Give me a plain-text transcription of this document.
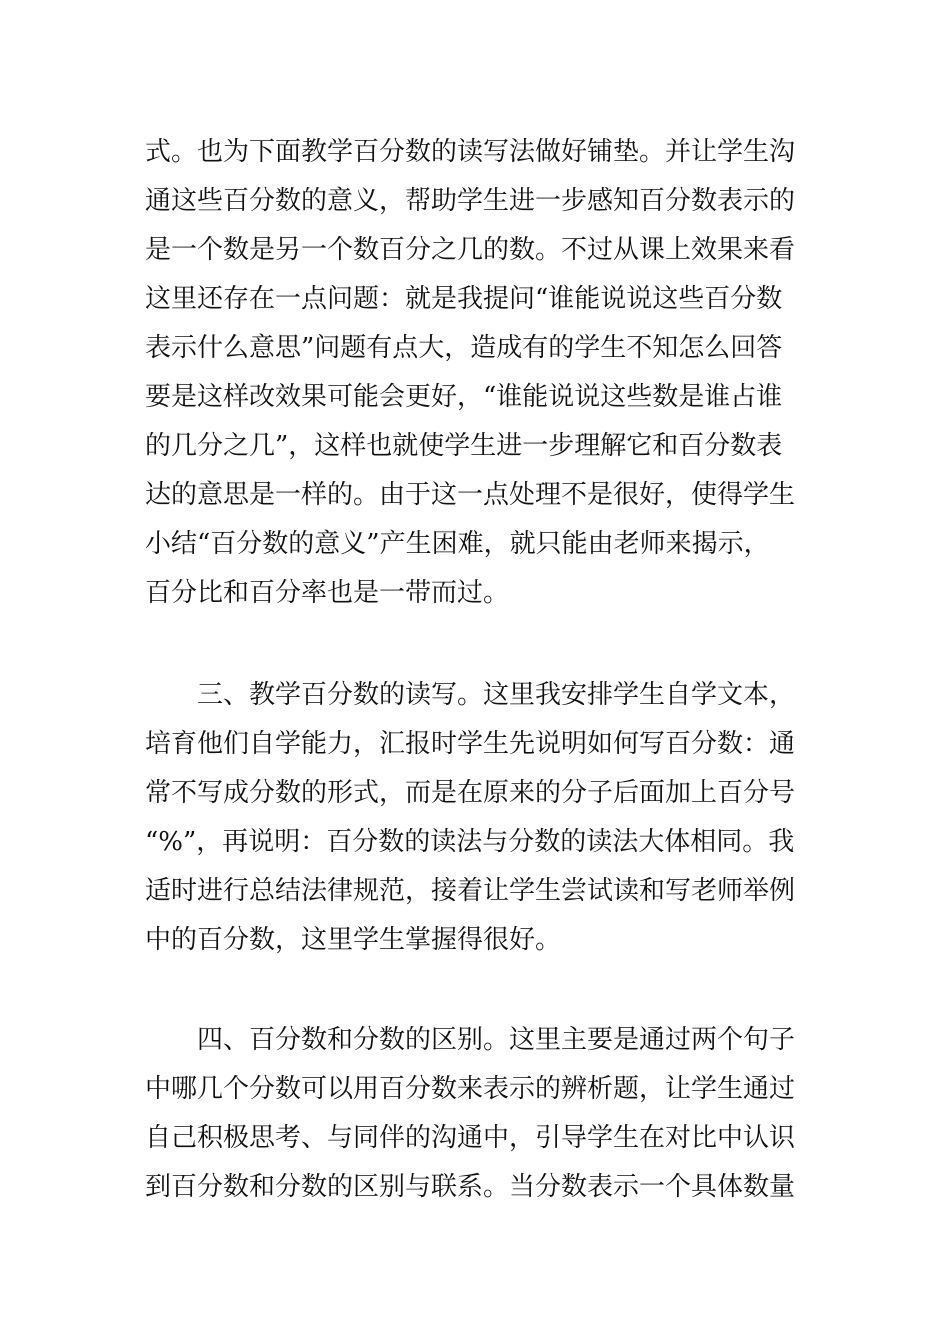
式。也为下面教学百分数的读写法做好铺垫。并让学生沟
通这些百分数的意义，帮助学生进一步感知百分数表示的
是一个数是另一个数百分之几的数。不过从课上效果来看
这里还存在一点问题：就是我提问“谁能说说这些百分数
表示什么意思”问题有点大，造成有的学生不知怎么回答
要是这样改效果可能会更好，“谁能说说这些数是谁占谁
的几分之几”，这样也就使学生进一步理解它和百分数表
达的意思是一样的。由于这一点处理不是很好，使得学生
小结“百分数的意义”产生困难，就只能由老师来揭示，
百分比和百分率也是一带而过。
三、教学百分数的读写。这里我安排学生自学文本，
培育他们自学能力，汇报时学生先说明如何写百分数：通
常不写成分数的形式，而是在原来的分子后面加上百分号
“%”，再说明：百分数的读法与分数的读法大体相同。我
适时进行总结法律规范，接着让学生尝试读和写老师举例
中的百分数，这里学生掌握得很好。
四、百分数和分数的区别。这里主要是通过两个句子
中哪几个分数可以用百分数来表示的辨析题，让学生通过
自己积极思考、与同伴的沟通中，引导学生在对比中认识
到百分数和分数的区别与联系。当分数表示一个具体数量
